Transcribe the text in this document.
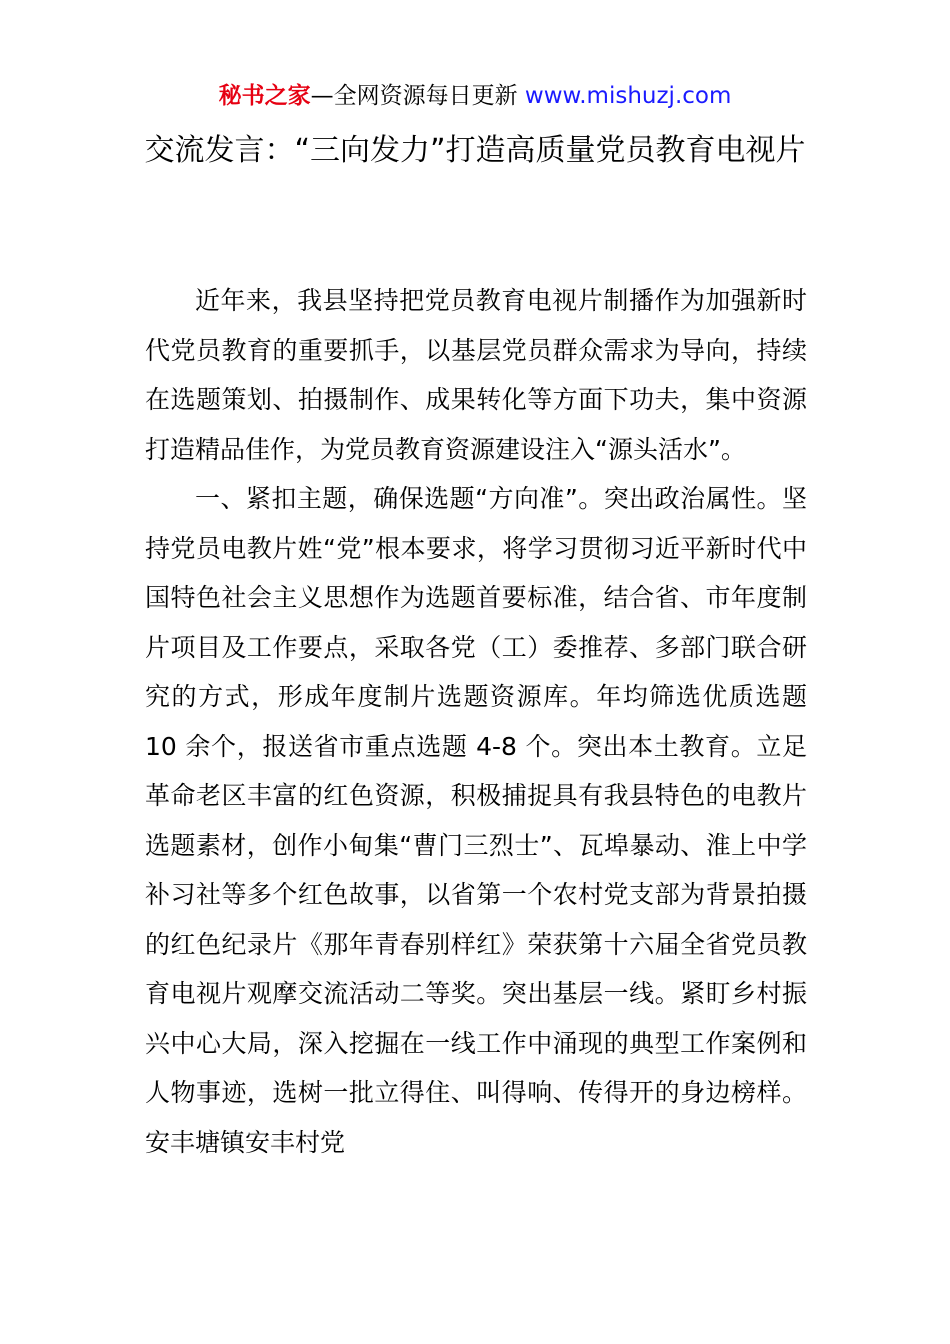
秘书之家—全网资源每日更新 www.mishuzj.com
交流发言：“三向发力”打造高质量党员教育电视片

近年来，我县坚持把党员教育电视片制播作为加强新时代党员教育的重要抓手，以基层党员群众需求为导向，持续在选题策划、拍摄制作、成果转化等方面下功夫，集中资源打造精品佳作，为党员教育资源建设注入“源头活水”。

一、紧扣主题，确保选题“方向准”。突出政治属性。坚持党员电教片姓“党”根本要求，将学习贯彻习近平新时代中国特色社会主义思想作为选题首要标准，结合省、市年度制片项目及工作要点，采取各党（工）委推荐、多部门联合研究的方式，形成年度制片选题资源库。年均筛选优质选题 10 余个，报送省市重点选题 4-8 个。突出本土教育。立足革命老区丰富的红色资源，积极捕捉具有我县特色的电教片选题素材，创作小甸集“曹门三烈士”、瓦埠暴动、淮上中学补习社等多个红色故事，以省第一个农村党支部为背景拍摄的红色纪录片《那年青春别样红》荣获第十六届全省党员教育电视片观摩交流活动二等奖。突出基层一线。紧盯乡村振兴中心大局，深入挖掘在一线工作中涌现的典型工作案例和人物事迹，选树一批立得住、叫得响、传得开的身边榜样。安丰塘镇安丰村党
